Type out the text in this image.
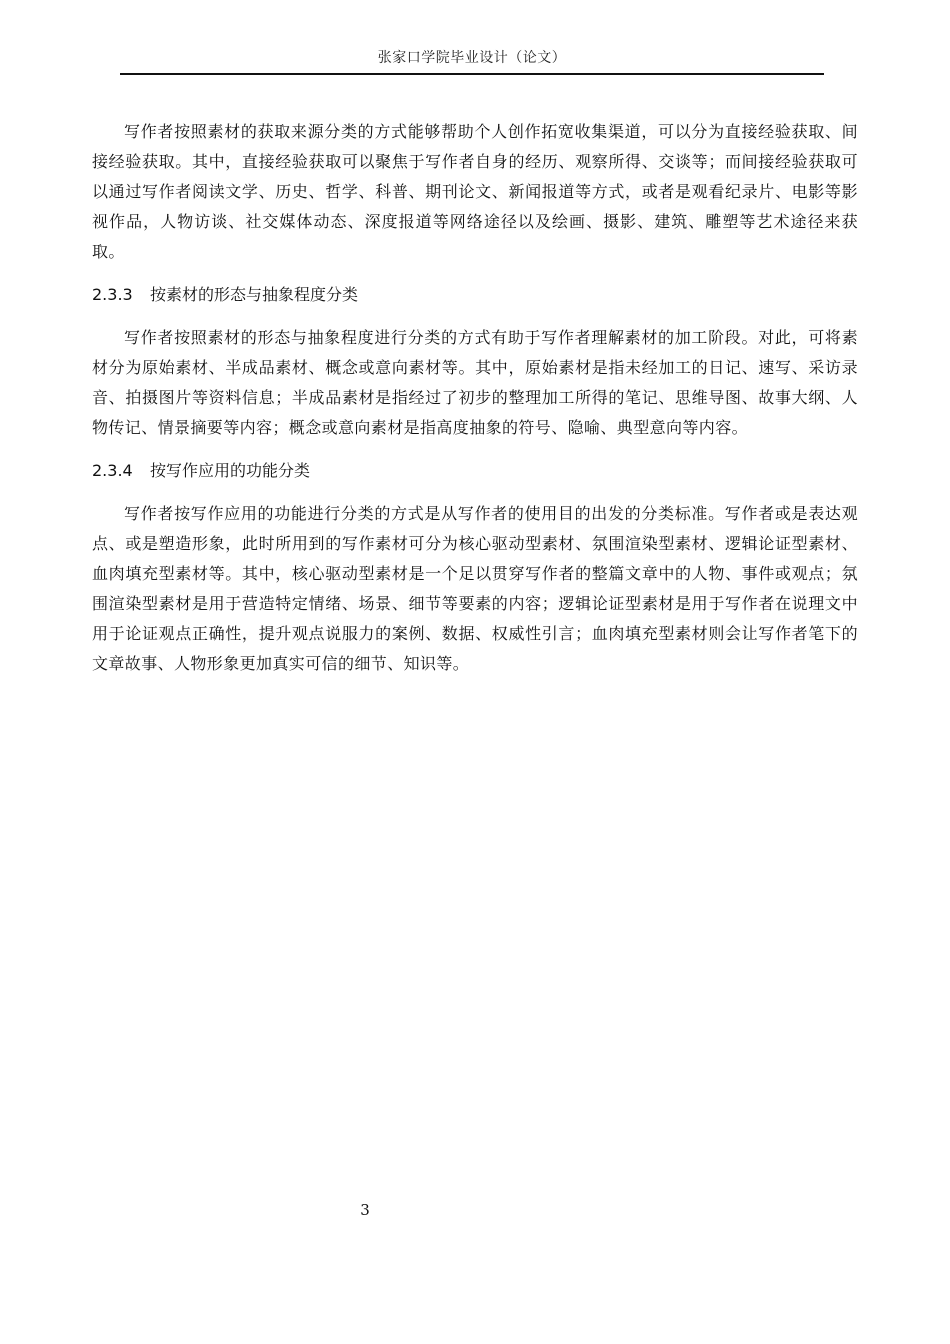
张家口学院毕业设计（论文）

写作者按照素材的获取来源分类的方式能够帮助个人创作拓宽收集渠道，可以分为直接经验获取、间接经验获取。其中，直接经验获取可以聚焦于写作者自身的经历、观察所得、交谈等；而间接经验获取可以通过写作者阅读文学、历史、哲学、科普、期刊论文、新闻报道等方式，或者是观看纪录片、电影等影视作品，人物访谈、社交媒体动态、深度报道等网络途径以及绘画、摄影、建筑、雕塑等艺术途径来获取。

2.3.3 按素材的形态与抽象程度分类

写作者按照素材的形态与抽象程度进行分类的方式有助于写作者理解素材的加工阶段。对此，可将素材分为原始素材、半成品素材、概念或意向素材等。其中，原始素材是指未经加工的日记、速写、采访录音、拍摄图片等资料信息；半成品素材是指经过了初步的整理加工所得的笔记、思维导图、故事大纲、人物传记、情景摘要等内容；概念或意向素材是指高度抽象的符号、隐喻、典型意向等内容。

2.3.4 按写作应用的功能分类

写作者按写作应用的功能进行分类的方式是从写作者的使用目的出发的分类标准。写作者或是表达观点、或是塑造形象，此时所用到的写作素材可分为核心驱动型素材、氛围渲染型素材、逻辑论证型素材、血肉填充型素材等。其中，核心驱动型素材是一个足以贯穿写作者的整篇文章中的人物、事件或观点；氛围渲染型素材是用于营造特定情绪、场景、细节等要素的内容；逻辑论证型素材是用于写作者在说理文中用于论证观点正确性，提升观点说服力的案例、数据、权威性引言；血肉填充型素材则会让写作者笔下的文章故事、人物形象更加真实可信的细节、知识等。

3
